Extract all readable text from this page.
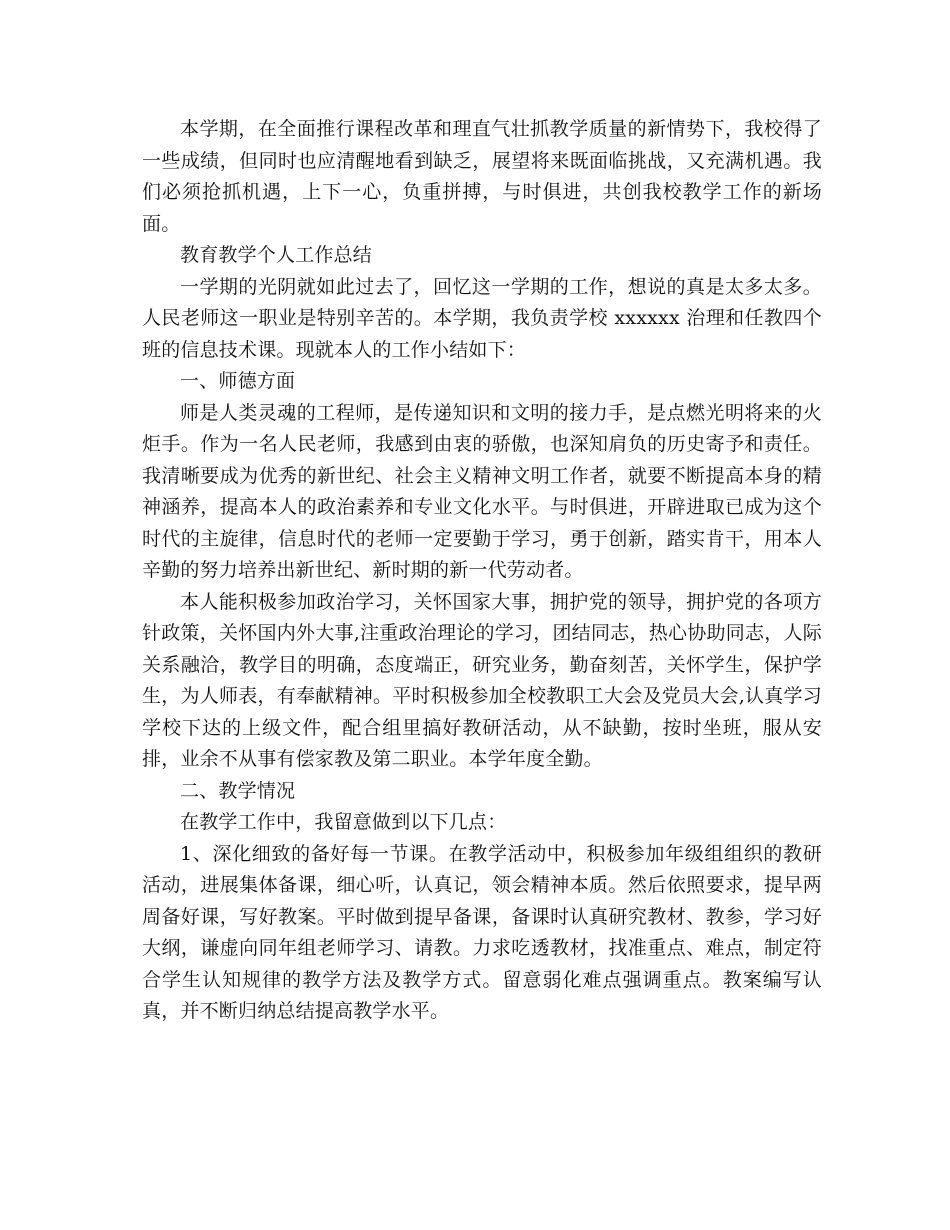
本学期，在全面推行课程改革和理直气壮抓教学质量的新情势下，我校得了一些成绩，但同时也应清醒地看到缺乏，展望将来既面临挑战，又充满机遇。我们必须抢抓机遇，上下一心，负重拼搏，与时俱进，共创我校教学工作的新场面。

教育教学个人工作总结

一学期的光阴就如此过去了，回忆这一学期的工作，想说的真是太多太多。人民老师这一职业是特别辛苦的。本学期，我负责学校 xxxxxx 治理和任教四个班的信息技术课。现就本人的工作小结如下：

一、师德方面

师是人类灵魂的工程师，是传递知识和文明的接力手，是点燃光明将来的火炬手。作为一名人民老师，我感到由衷的骄傲，也深知肩负的历史寄予和责任。我清晰要成为优秀的新世纪、社会主义精神文明工作者，就要不断提高本身的精神涵养，提高本人的政治素养和专业文化水平。与时俱进，开辟进取已成为这个时代的主旋律，信息时代的老师一定要勤于学习，勇于创新，踏实肯干，用本人辛勤的努力培养出新世纪、新时期的新一代劳动者。

本人能积极参加政治学习，关怀国家大事，拥护党的领导，拥护党的各项方针政策，关怀国内外大事,注重政治理论的学习，团结同志，热心协助同志，人际关系融洽，教学目的明确，态度端正，研究业务，勤奋刻苦，关怀学生，保护学生，为人师表，有奉献精神。平时积极参加全校教职工大会及党员大会,认真学习学校下达的上级文件，配合组里搞好教研活动，从不缺勤，按时坐班，服从安排，业余不从事有偿家教及第二职业。本学年度全勤。

二、教学情况

在教学工作中，我留意做到以下几点：

1、深化细致的备好每一节课。在教学活动中，积极参加年级组组织的教研活动，进展集体备课，细心听，认真记，领会精神本质。然后依照要求，提早两周备好课，写好教案。平时做到提早备课，备课时认真研究教材、教参，学习好大纲，谦虚向同年组老师学习、请教。力求吃透教材，找准重点、难点，制定符合学生认知规律的教学方法及教学方式。留意弱化难点强调重点。教案编写认真，并不断归纳总结提高教学水平。
